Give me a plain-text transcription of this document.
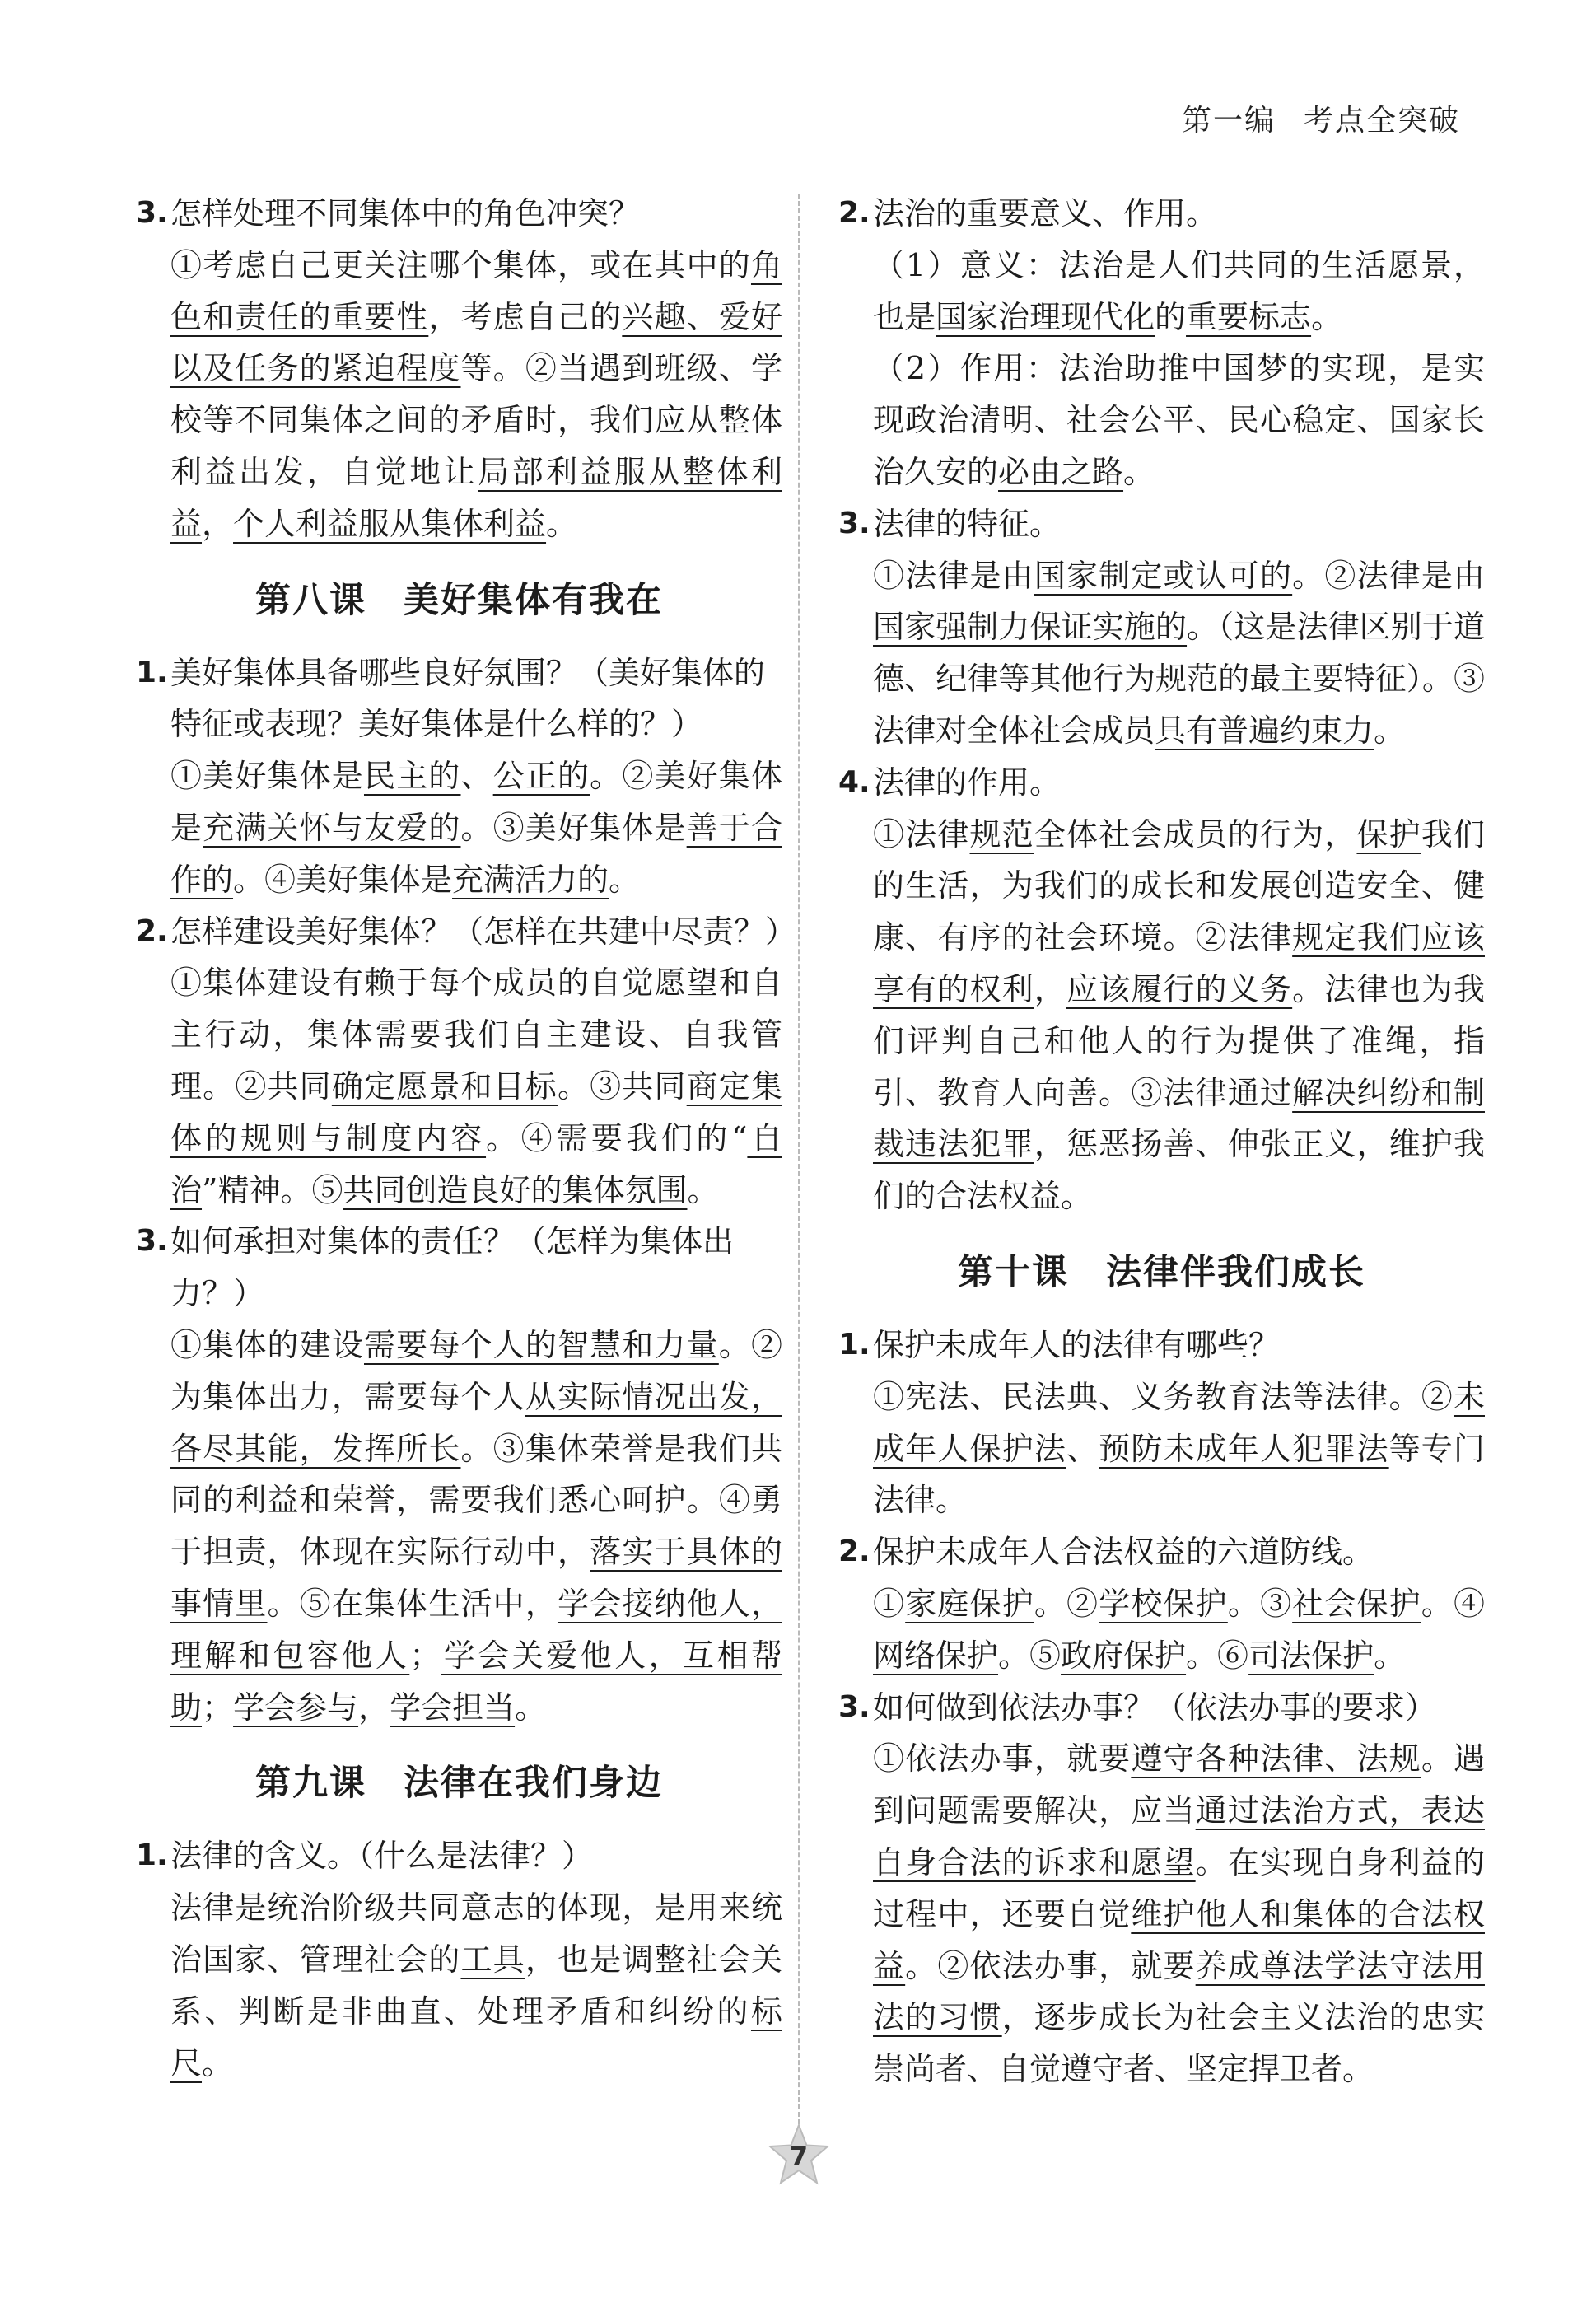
第一编 考点全突破
3. 怎样处理不同集体中的角色冲突？
①考虑自己更关注哪个集体，或在其中的角色和责任的重要性，考虑自己的兴趣、爱好以及任务的紧迫程度等。②当遇到班级、学校等不同集体之间的矛盾时，我们应从整体利益出发，自觉地让局部利益服从整体利益，个人利益服从集体利益。
第八课　美好集体有我在
1. 美好集体具备哪些良好氛围？（美好集体的特征或表现？美好集体是什么样的？）
①美好集体是民主的、公正的。②美好集体是充满关怀与友爱的。③美好集体是善于合作的。④美好集体是充满活力的。
2. 怎样建设美好集体？（怎样在共建中尽责？）
①集体建设有赖于每个成员的自觉愿望和自主行动，集体需要我们自主建设、自我管理。②共同确定愿景和目标。③共同商定集体的规则与制度内容。④需要我们的“自治”精神。⑤共同创造良好的集体氛围。
3. 如何承担对集体的责任？（怎样为集体出力？）
①集体的建设需要每个人的智慧和力量。②为集体出力，需要每个人从实际情况出发，各尽其能，发挥所长。③集体荣誉是我们共同的利益和荣誉，需要我们悉心呵护。④勇于担责，体现在实际行动中，落实于具体的事情里。⑤在集体生活中，学会接纳他人，理解和包容他人；学会关爱他人，互相帮助；学会参与，学会担当。
第九课　法律在我们身边
1. 法律的含义。（什么是法律？）
法律是统治阶级共同意志的体现，是用来统治国家、管理社会的工具，也是调整社会关系、判断是非曲直、处理矛盾和纠纷的标尺。
2. 法治的重要意义、作用。
（1）意义：法治是人们共同的生活愿景，也是国家治理现代化的重要标志。
（2）作用：法治助推中国梦的实现，是实现政治清明、社会公平、民心稳定、国家长治久安的必由之路。
3. 法律的特征。
①法律是由国家制定或认可的。②法律是由国家强制力保证实施的。（这是法律区别于道德、纪律等其他行为规范的最主要特征）。③法律对全体社会成员具有普遍约束力。
4. 法律的作用。
①法律规范全体社会成员的行为，保护我们的生活，为我们的成长和发展创造安全、健康、有序的社会环境。②法律规定我们应该享有的权利，应该履行的义务。法律也为我们评判自己和他人的行为提供了准绳，指引、教育人向善。③法律通过解决纠纷和制裁违法犯罪，惩恶扬善、伸张正义，维护我们的合法权益。
第十课　法律伴我们成长
1. 保护未成年人的法律有哪些？
①宪法、民法典、义务教育法等法律。②未成年人保护法、预防未成年人犯罪法等专门法律。
2. 保护未成年人合法权益的六道防线。
①家庭保护。②学校保护。③社会保护。④网络保护。⑤政府保护。⑥司法保护。
3. 如何做到依法办事？（依法办事的要求）
①依法办事，就要遵守各种法律、法规。遇到问题需要解决，应当通过法治方式，表达自身合法的诉求和愿望。在实现自身利益的过程中，还要自觉维护他人和集体的合法权益。②依法办事，就要养成尊法学法守法用法的习惯，逐步成长为社会主义法治的忠实崇尚者、自觉遵守者、坚定捍卫者。
7
